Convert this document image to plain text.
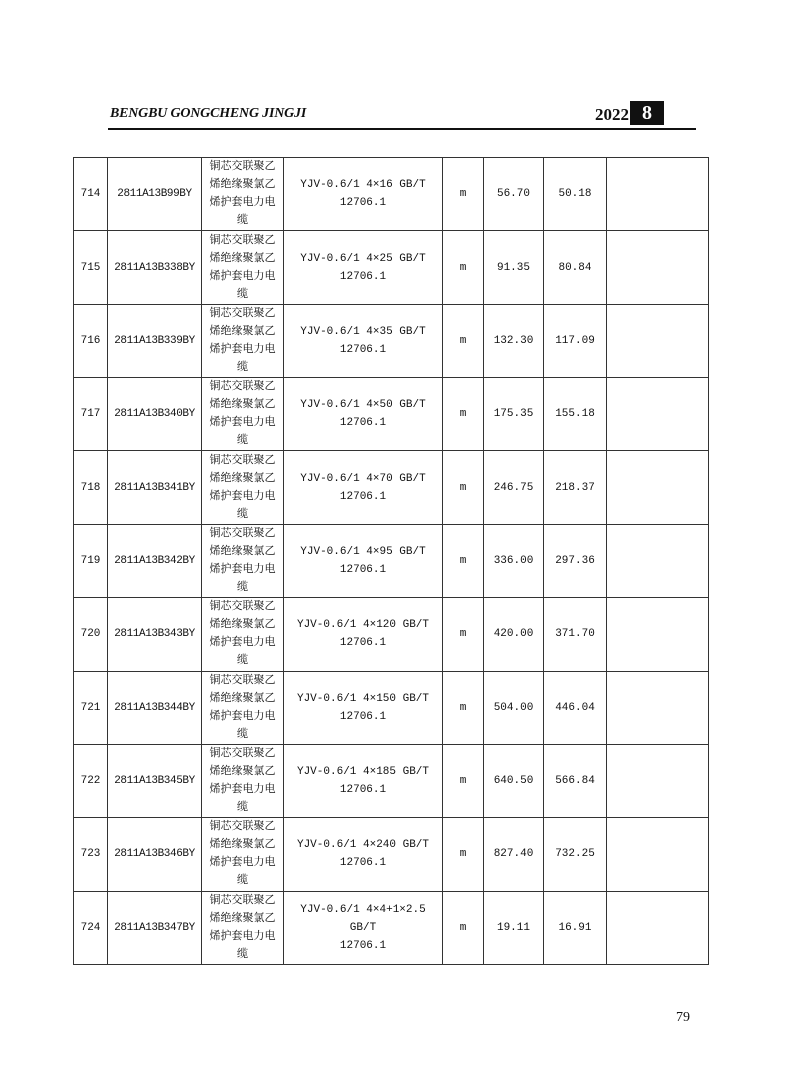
BENGBU GONGCHENG JINGJI	2022 8
714	2811A13B99BY	铜芯交联聚乙
烯绝缘聚氯乙
烯护套电力电
缆	YJV-0.6/1 4×16 GB/T
12706.1	m	56.70	50.18	
715	2811A13B338BY	铜芯交联聚乙
烯绝缘聚氯乙
烯护套电力电
缆	YJV-0.6/1 4×25 GB/T
12706.1	m	91.35	80.84	
716	2811A13B339BY	铜芯交联聚乙
烯绝缘聚氯乙
烯护套电力电
缆	YJV-0.6/1 4×35 GB/T
12706.1	m	132.30	117.09	
717	2811A13B340BY	铜芯交联聚乙
烯绝缘聚氯乙
烯护套电力电
缆	YJV-0.6/1 4×50 GB/T
12706.1	m	175.35	155.18	
718	2811A13B341BY	铜芯交联聚乙
烯绝缘聚氯乙
烯护套电力电
缆	YJV-0.6/1 4×70 GB/T
12706.1	m	246.75	218.37	
719	2811A13B342BY	铜芯交联聚乙
烯绝缘聚氯乙
烯护套电力电
缆	YJV-0.6/1 4×95 GB/T
12706.1	m	336.00	297.36	
720	2811A13B343BY	铜芯交联聚乙
烯绝缘聚氯乙
烯护套电力电
缆	YJV-0.6/1 4×120 GB/T
12706.1	m	420.00	371.70	
721	2811A13B344BY	铜芯交联聚乙
烯绝缘聚氯乙
烯护套电力电
缆	YJV-0.6/1 4×150 GB/T
12706.1	m	504.00	446.04	
722	2811A13B345BY	铜芯交联聚乙
烯绝缘聚氯乙
烯护套电力电
缆	YJV-0.6/1 4×185 GB/T
12706.1	m	640.50	566.84	
723	2811A13B346BY	铜芯交联聚乙
烯绝缘聚氯乙
烯护套电力电
缆	YJV-0.6/1 4×240 GB/T
12706.1	m	827.40	732.25	
724	2811A13B347BY	铜芯交联聚乙
烯绝缘聚氯乙
烯护套电力电
缆	YJV-0.6/1 4×4+1×2.5 GB/T
12706.1	m	19.11	16.91	
79
